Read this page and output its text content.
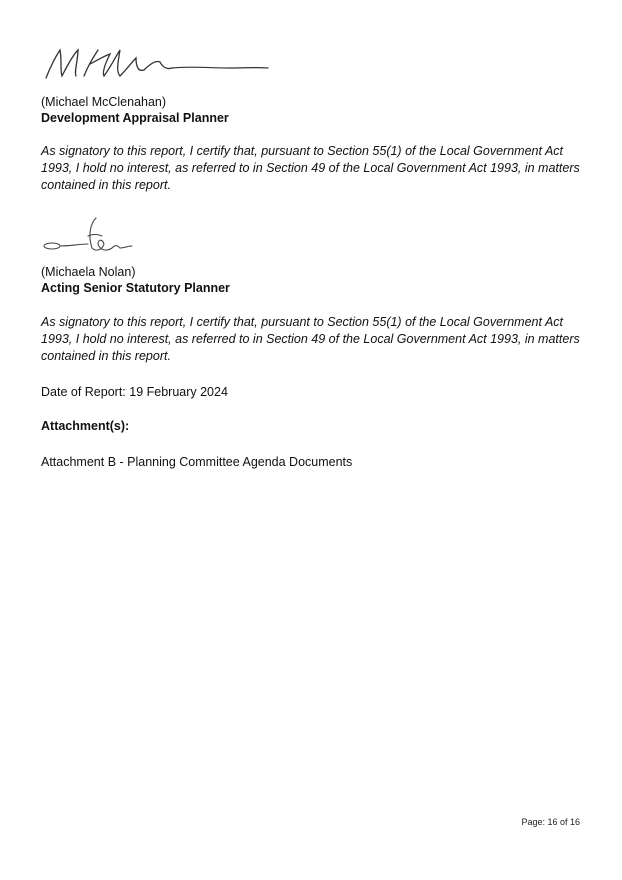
(Michael McClenahan)

Development Appraisal Planner

As signatory to this report, I certify that, pursuant to Section 55(1) of the Local Government Act 1993, I hold no interest, as referred to in Section 49 of the Local Government Act 1993, in matters contained in this report.

(Michaela Nolan)

Acting Senior Statutory Planner

As signatory to this report, I certify that, pursuant to Section 55(1) of the Local Government Act 1993, I hold no interest, as referred to in Section 49 of the Local Government Act 1993, in matters contained in this report.

Date of Report: 19 February 2024

Attachment(s):

Attachment B - Planning Committee Agenda Documents

Page: 16 of 16
